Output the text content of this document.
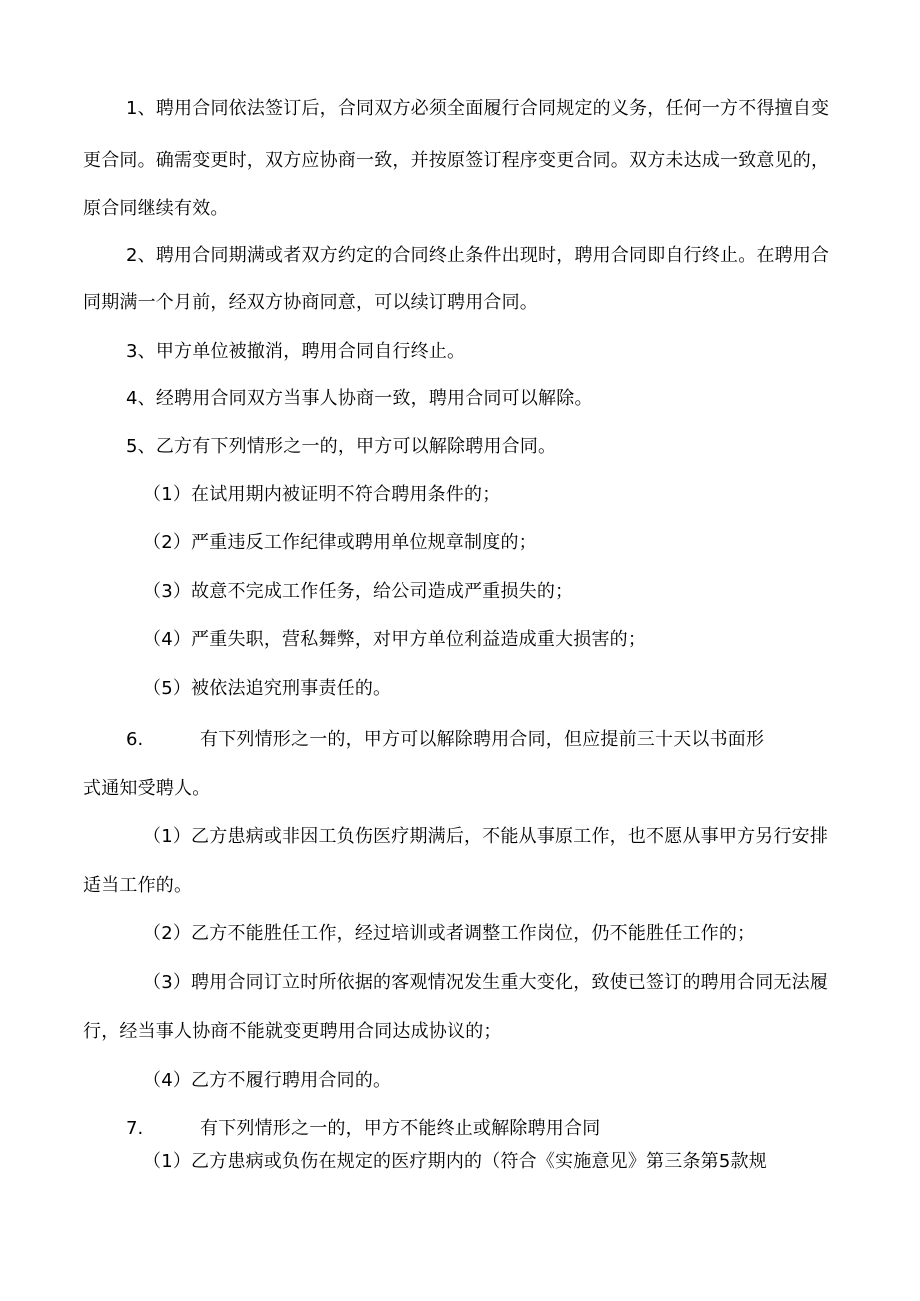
1、聘用合同依法签订后，合同双方必须全面履行合同规定的义务，任何一方不得擅自变
更合同。确需变更时，双方应协商一致，并按原签订程序变更合同。双方未达成一致意见的，
原合同继续有效。
2、聘用合同期满或者双方约定的合同终止条件出现时，聘用合同即自行终止。在聘用合
同期满一个月前，经双方协商同意，可以续订聘用合同。
3、甲方单位被撤消，聘用合同自行终止。
4、经聘用合同双方当事人协商一致，聘用合同可以解除。
5、乙方有下列情形之一的，甲方可以解除聘用合同。
（1）在试用期内被证明不符合聘用条件的；
（2）严重违反工作纪律或聘用单位规章制度的；
（3）故意不完成工作任务，给公司造成严重损失的；
（4）严重失职，营私舞弊，对甲方单位利益造成重大损害的；
（5）被依法追究刑事责任的。
6.	有下列情形之一的，甲方可以解除聘用合同，但应提前三十天以书面形
式通知受聘人。
（1）乙方患病或非因工负伤医疗期满后，不能从事原工作，也不愿从事甲方另行安排
适当工作的。
（2）乙方不能胜任工作，经过培训或者调整工作岗位，仍不能胜任工作的；
（3）聘用合同订立时所依据的客观情况发生重大变化，致使已签订的聘用合同无法履
行，经当事人协商不能就变更聘用合同达成协议的；
（4）乙方不履行聘用合同的。
7.	有下列情形之一的，甲方不能终止或解除聘用合同
（1）乙方患病或负伤在规定的医疗期内的（符合《实施意见》第三条第5款规
